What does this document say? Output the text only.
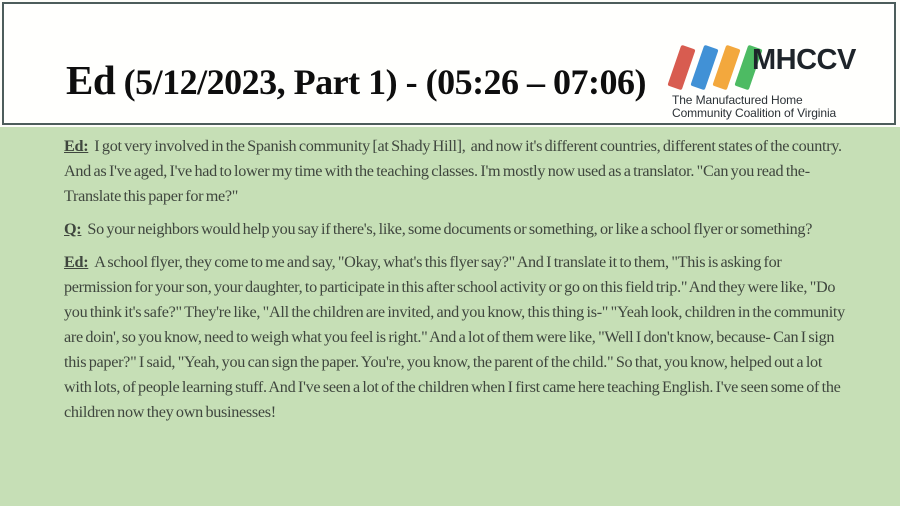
Ed (5/12/2023, Part 1) - (05:26 – 07:06)
MHCCV
The Manufactured Home
Community Coalition of Virginia

Ed: I got very involved in the Spanish community [at Shady Hill],  and now it's different countries, different states of the country. And as I've aged, I've had to lower my time with the teaching classes. I'm mostly now used as a translator. "Can you read the- Translate this paper for me?"

Q: So your neighbors would help you say if there's, like, some documents or something, or like a school flyer or something?

Ed: A school flyer, they come to me and say, "Okay, what's this flyer say?" And I translate it to them, "This is asking for permission for your son, your daughter, to participate in this after school activity or go on this field trip." And they were like, "Do you think it's safe?" They're like, "All the children are invited, and you know, this thing is-" "Yeah look, children in the community are doin', so you know, need to weigh what you feel is right." And a lot of them were like, "Well I don't know, because- Can I sign this paper?" I said, "Yeah, you can sign the paper. You're, you know, the parent of the child." So that, you know, helped out a lot with lots, of people learning stuff. And I've seen a lot of the children when I first came here teaching English. I've seen some of the children now they own businesses!
